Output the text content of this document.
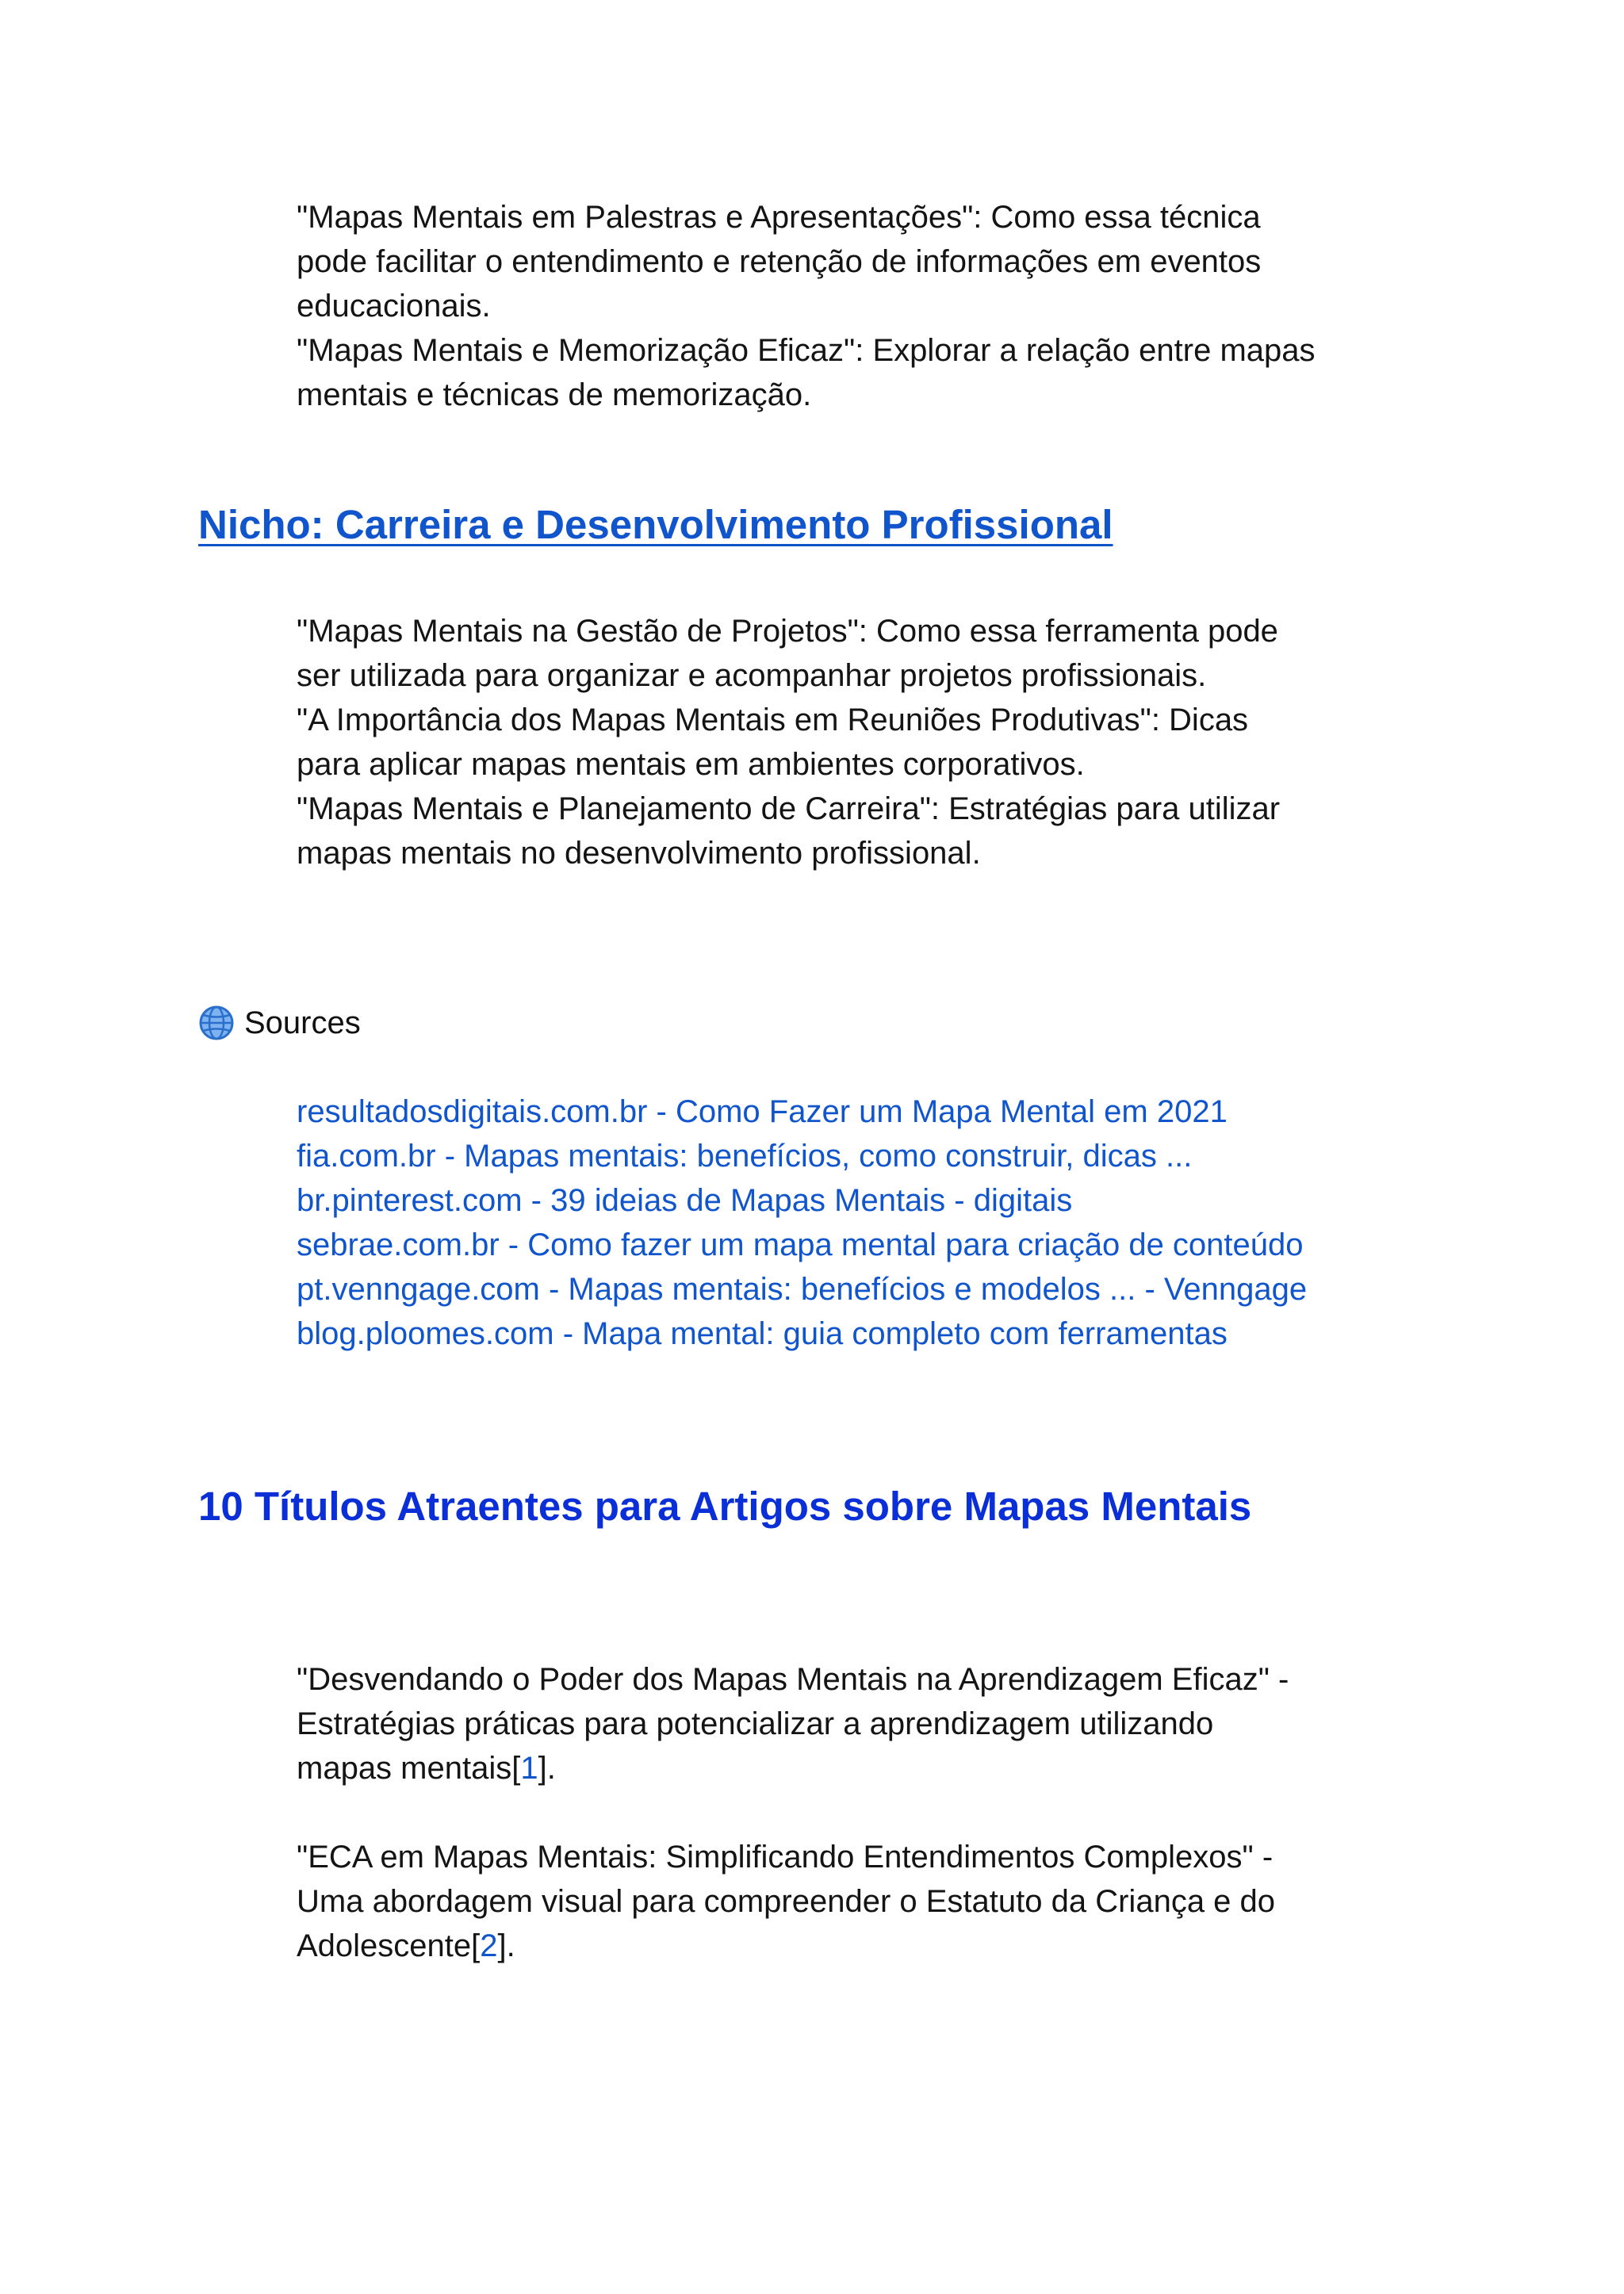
"Mapas Mentais em Palestras e Apresentações": Como essa técnica

pode facilitar o entendimento e retenção de informações em eventos

educacionais.

"Mapas Mentais e Memorização Eficaz": Explorar a relação entre mapas

mentais e técnicas de memorização.

Nicho: Carreira e Desenvolvimento Profissional

"Mapas Mentais na Gestão de Projetos": Como essa ferramenta pode

ser utilizada para organizar e acompanhar projetos profissionais.

"A Importância dos Mapas Mentais em Reuniões Produtivas": Dicas

para aplicar mapas mentais em ambientes corporativos.

"Mapas Mentais e Planejamento de Carreira": Estratégias para utilizar

mapas mentais no desenvolvimento profissional.

Sources
resultadosdigitais.com.br - Como Fazer um Mapa Mental em 2021
fia.com.br - Mapas mentais: benefícios, como construir, dicas ...
br.pinterest.com - 39 ideias de Mapas Mentais - digitais
sebrae.com.br - Como fazer um mapa mental para criação de conteúdo
pt.venngage.com - Mapas mentais: benefícios e modelos ... - Venngage
blog.ploomes.com - Mapa mental: guia completo com ferramentas
10 Títulos Atraentes para Artigos sobre Mapas Mentais

"Desvendando o Poder dos Mapas Mentais na Aprendizagem Eficaz" -

Estratégias práticas para potencializar a aprendizagem utilizando

mapas mentais[1].

"ECA em Mapas Mentais: Simplificando Entendimentos Complexos" -

Uma abordagem visual para compreender o Estatuto da Criança e do

Adolescente[2].
